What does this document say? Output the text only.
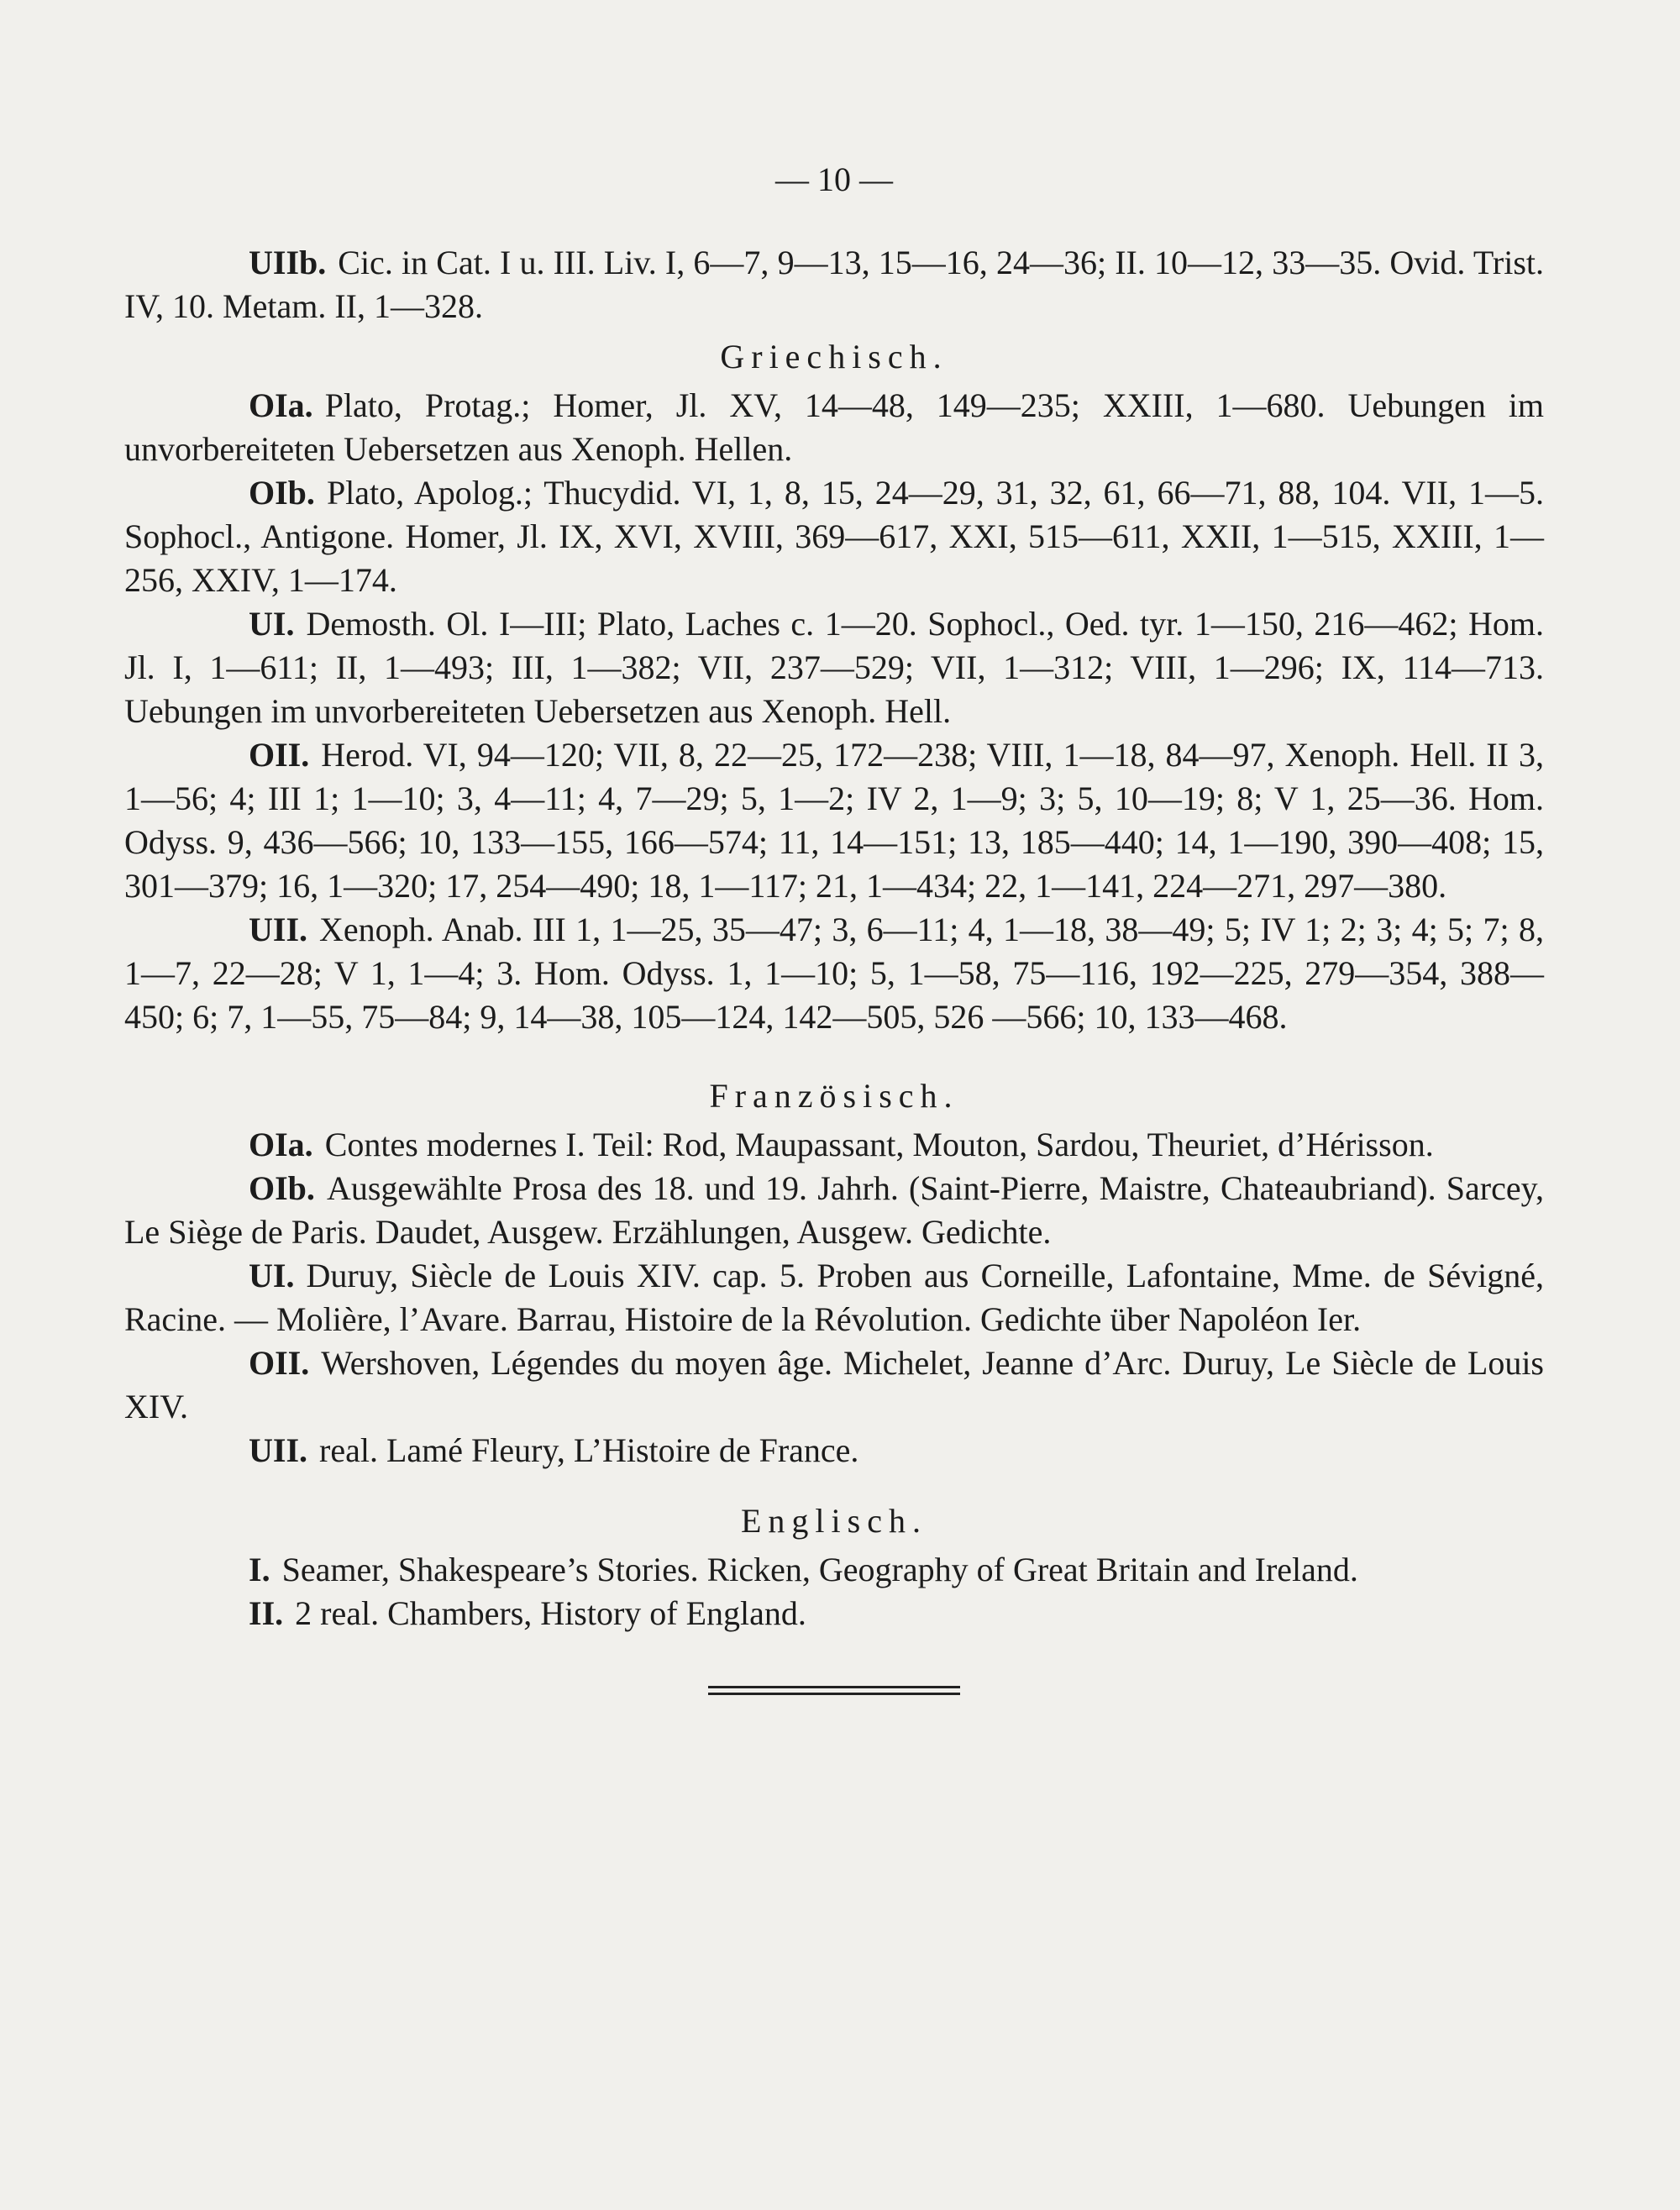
— 10 —

UIIb. Cic. in Cat. I u. III. Liv. I, 6—7, 9—13, 15—16, 24—36; II. 10—12, 33—35. Ovid. Trist. IV, 10. Metam. II, 1—328.

Griechisch.

OIa. Plato, Protag.; Homer, Jl. XV, 14—48, 149—235; XXIII, 1—680. Uebungen im unvorbereiteten Uebersetzen aus Xenoph. Hellen.

OIb. Plato, Apolog.; Thucydid. VI, 1, 8, 15, 24—29, 31, 32, 61, 66—71, 88, 104. VII, 1—5. Sophocl., Antigone. Homer, Jl. IX, XVI, XVIII, 369—617, XXI, 515—611, XXII, 1—515, XXIII, 1—256, XXIV, 1—174.

UI. Demosth. Ol. I—III; Plato, Laches c. 1—20. Sophocl., Oed. tyr. 1—150, 216—462; Hom. Jl. I, 1—611; II, 1—493; III, 1—382; VII, 237—529; VII, 1—312; VIII, 1—296; IX, 114—713. Uebungen im unvorbereiteten Uebersetzen aus Xenoph. Hell.

OII. Herod. VI, 94—120; VII, 8, 22—25, 172—238; VIII, 1—18, 84—97, Xenoph. Hell. II 3, 1—56; 4; III 1; 1—10; 3, 4—11; 4, 7—29; 5, 1—2; IV 2, 1—9; 3; 5, 10—19; 8; V 1, 25—36. Hom. Odyss. 9, 436—566; 10, 133—155, 166—574; 11, 14—151; 13, 185—440; 14, 1—190, 390—408; 15, 301—379; 16, 1—320; 17, 254—490; 18, 1—117; 21, 1—434; 22, 1—141, 224—271, 297—380.

UII. Xenoph. Anab. III 1, 1—25, 35—47; 3, 6—11; 4, 1—18, 38—49; 5; IV 1; 2; 3; 4; 5; 7; 8, 1—7, 22—28; V 1, 1—4; 3. Hom. Odyss. 1, 1—10; 5, 1—58, 75—116, 192—225, 279—354, 388—450; 6; 7, 1—55, 75—84; 9, 14—38, 105—124, 142—505, 526 —566; 10, 133—468.

Französisch.

OIa. Contes modernes I. Teil: Rod, Maupassant, Mouton, Sardou, Theuriet, d’Hérisson.

OIb. Ausgewählte Prosa des 18. und 19. Jahrh. (Saint-Pierre, Maistre, Chateaubriand). Sarcey, Le Siège de Paris. Daudet, Ausgew. Erzählungen, Ausgew. Gedichte.

UI. Duruy, Siècle de Louis XIV. cap. 5. Proben aus Corneille, Lafontaine, Mme. de Sévigné, Racine. — Molière, l’Avare. Barrau, Histoire de la Révolution. Gedichte über Napoléon Ier.

OII. Wershoven, Légendes du moyen âge. Michelet, Jeanne d’Arc. Duruy, Le Siècle de Louis XIV.

UII. real. Lamé Fleury, L’Histoire de France.

Englisch.

I. Seamer, Shakespeare’s Stories. Ricken, Geography of Great Britain and Ireland.

II. 2 real. Chambers, History of England.
